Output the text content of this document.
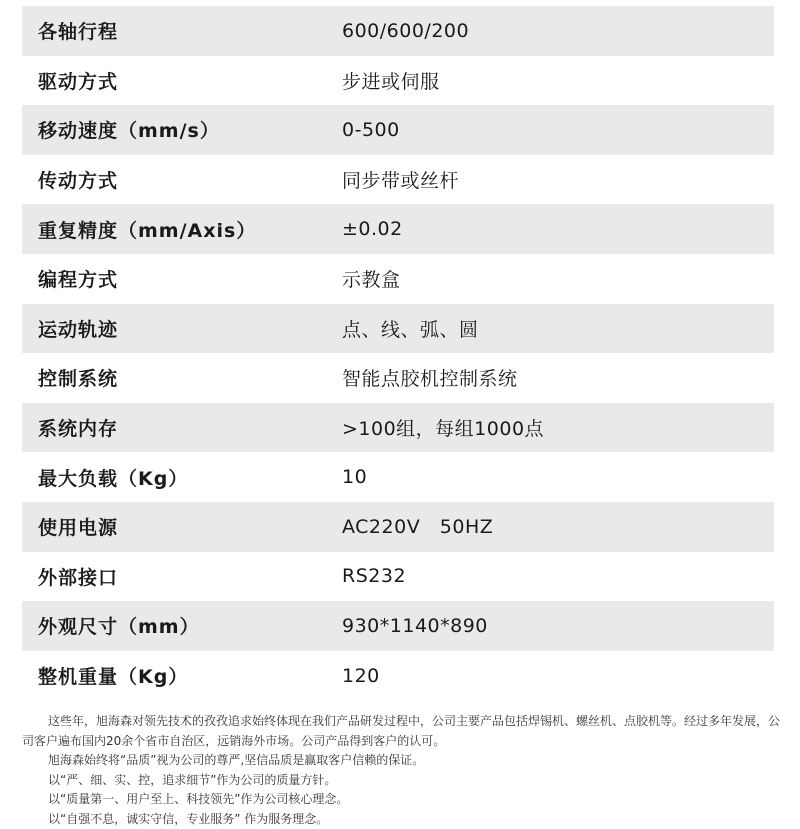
各轴行程	600/600/200
驱动方式	步进或伺服
移动速度（mm/s）	0-500
传动方式	同步带或丝杆
重复精度（mm/Axis）	±0.02
编程方式	示教盒
运动轨迹	点、线、弧、圆
控制系统	智能点胶机控制系统
系统内存	>100组，每组1000点
最大负载（Kg）	10
使用电源	AC220V   50HZ
外部接口	RS232
外观尺寸（mm）	930*1140*890
整机重量（Kg）	120

这些年，旭海森对领先技术的孜孜追求始终体现在我们产品研发过程中，公司主要产品包括焊锡机、螺丝机、点胶机等。经过多年发展，公司客户遍布国内20余个省市自治区，远销海外市场。公司产品得到客户的认可。

旭海森始终将“品质”视为公司的尊严,坚信品质是赢取客户信赖的保证。

以“严、细、实、控，追求细节”作为公司的质量方针。

以“质量第一、用户至上、科技领先”作为公司核心理念。

以“自强不息，诚实守信，专业服务” 作为服务理念。
